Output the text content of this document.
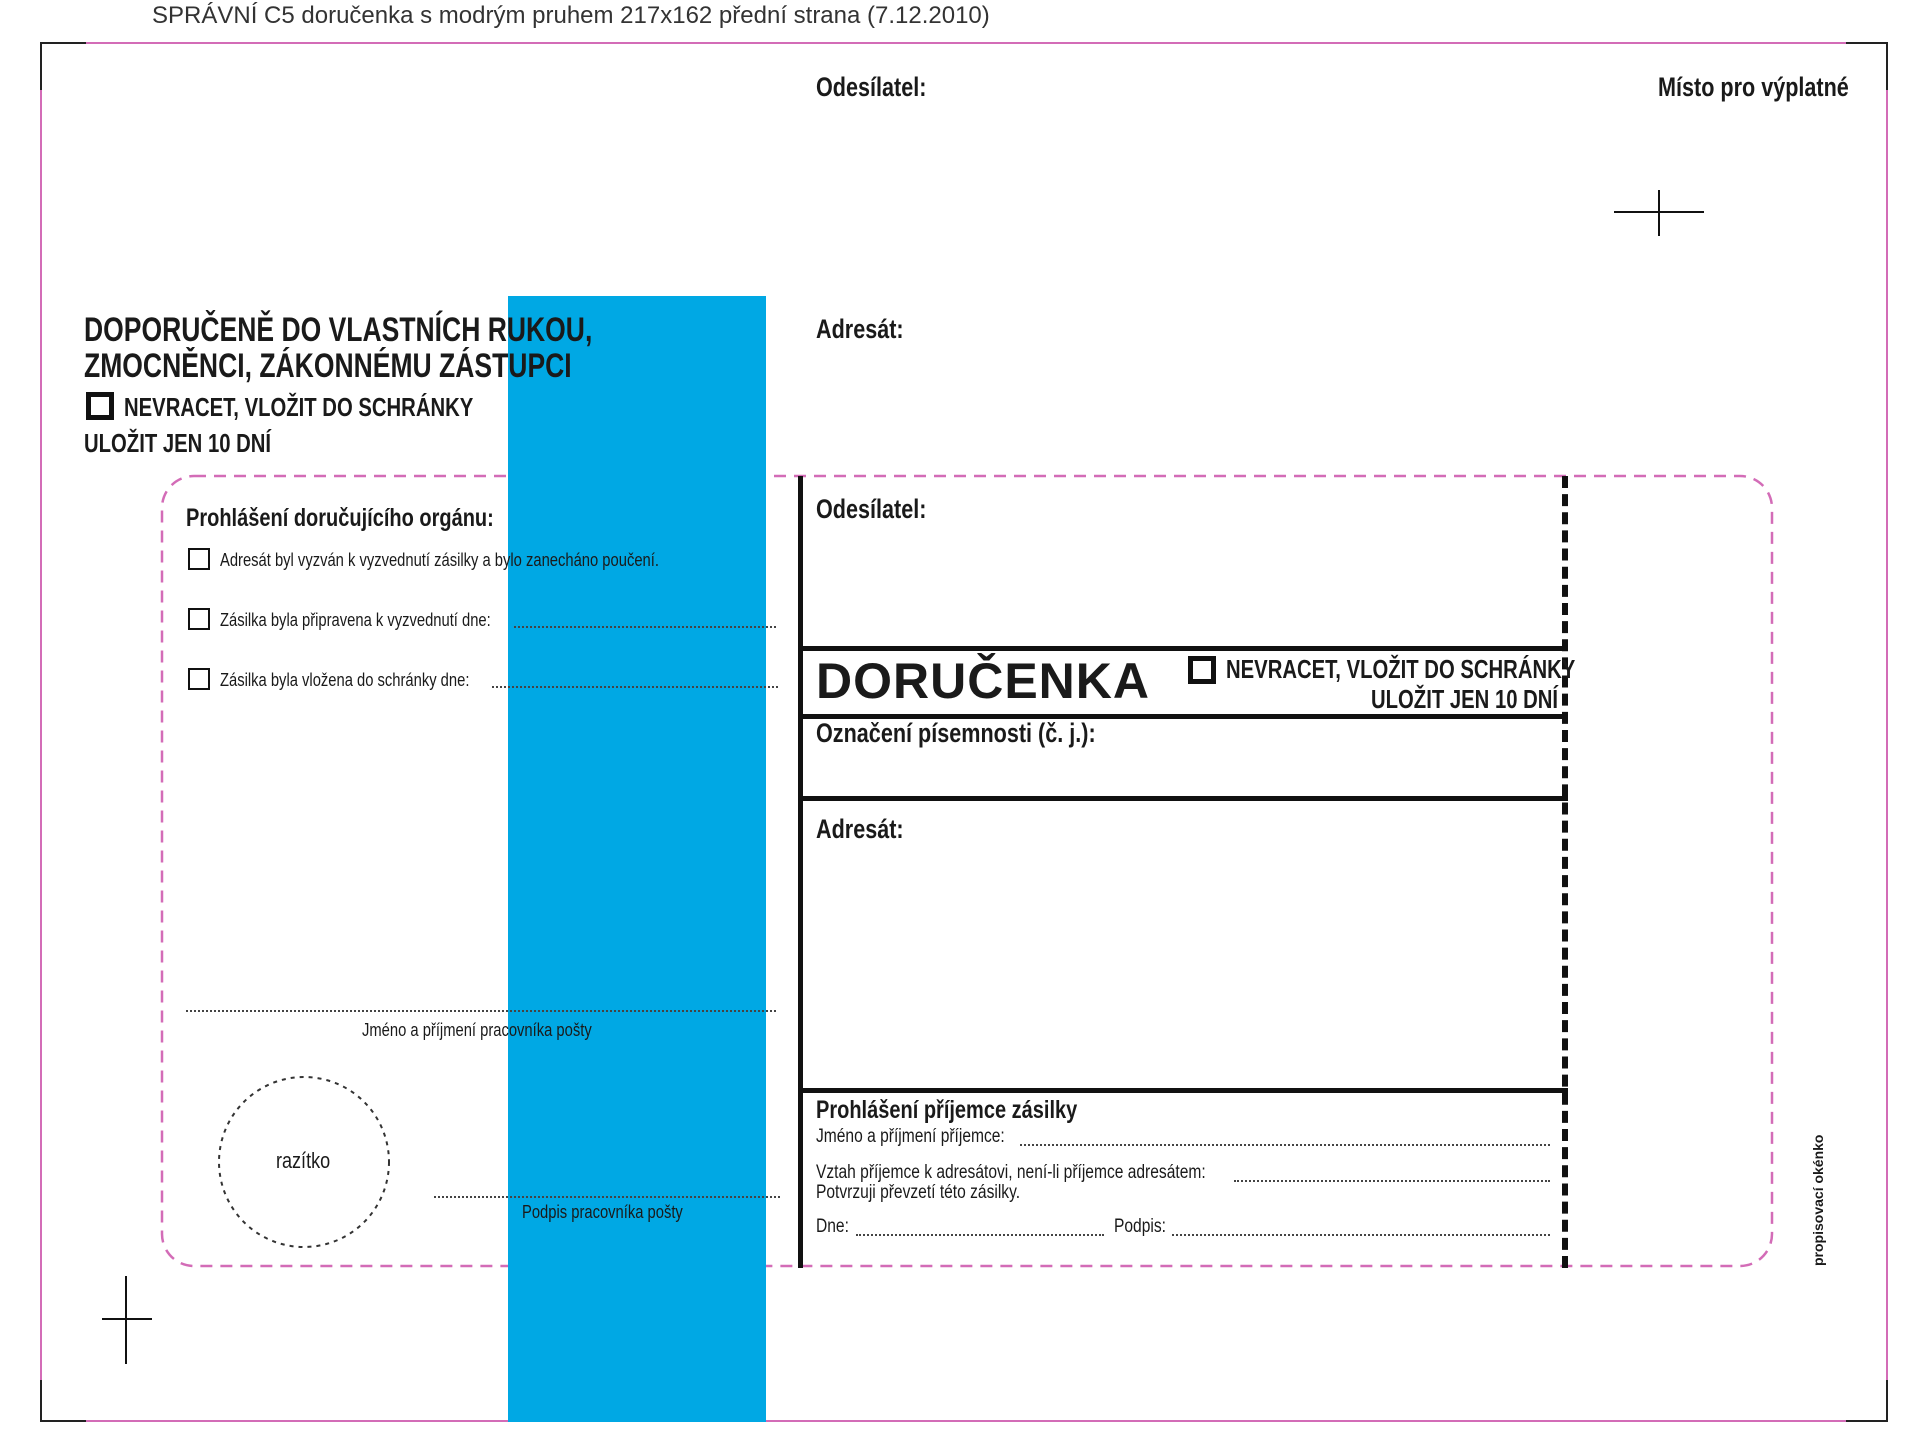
SPRÁVNÍ C5 doručenka s modrým pruhem 217x162 přední strana (7.12.2010)
Odesílatel:	Místo pro výplatné
Adresát:
DOPORUČENĚ DO VLASTNÍCH RUKOU,
ZMOCNĚNCI, ZÁKONNÉMU ZÁSTUPCI
NEVRACET, VLOŽIT DO SCHRÁNKY
ULOŽIT JEN 10 DNÍ
Prohlášení doručujícího orgánu:
Adresát byl vyzván k vyzvednutí zásilky a bylo zanecháno poučení.
Zásilka byla připravena k vyzvednutí dne:
Zásilka byla vložena do schránky dne:
Jméno a příjmení pracovníka pošty
razítko
Podpis pracovníka pošty
Odesílatel:
DORUČENKA	NEVRACET, VLOŽIT DO SCHRÁNKY
ULOŽIT JEN 10 DNÍ
Označení písemnosti (č. j.):
Adresát:
Prohlášení příjemce zásilky
Jméno a příjmení příjemce:
Vztah příjemce k adresátovi, není-li příjemce adresátem:
Potvrzuji převzetí této zásilky.
Dne:	Podpis:	propisovací okénko
